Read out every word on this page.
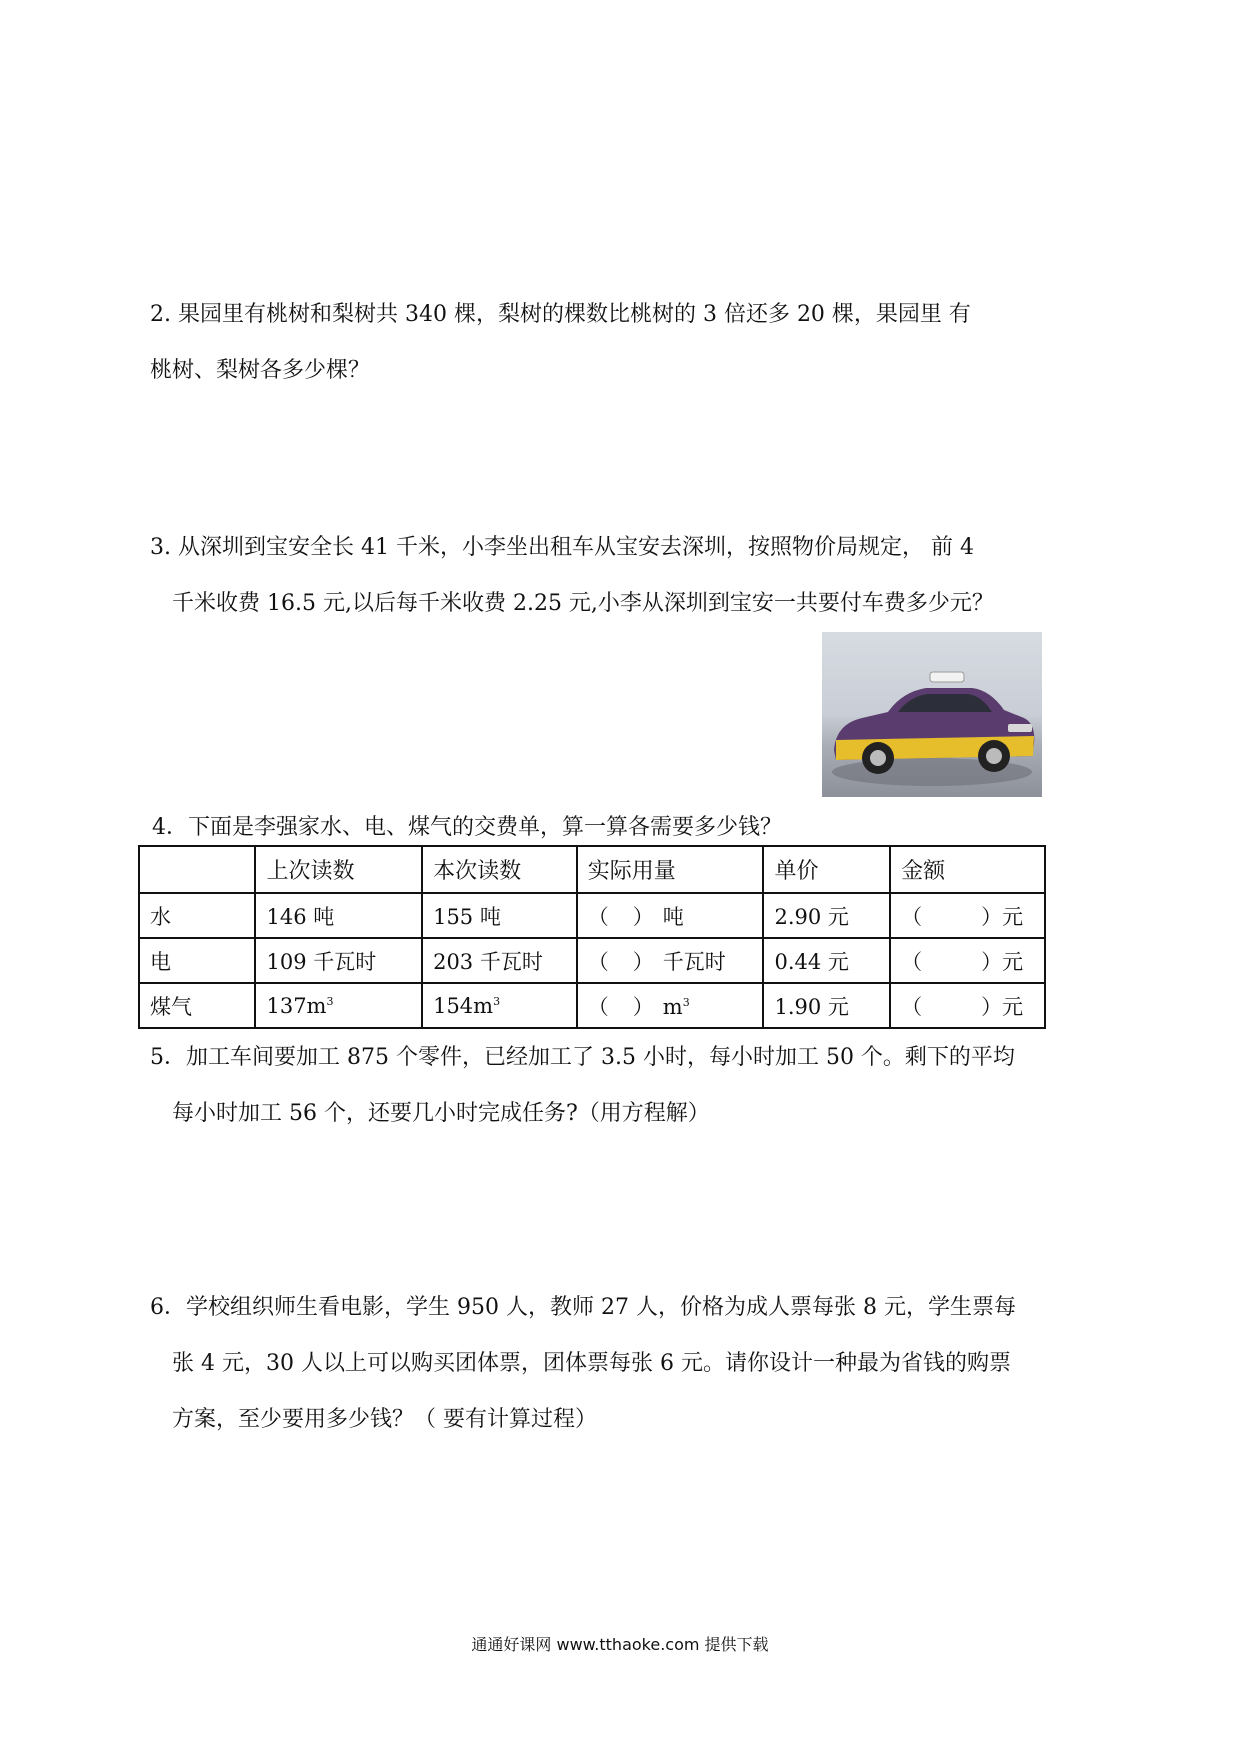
2. 果园里有桃树和梨树共 340 棵，梨树的棵数比桃树的 3 倍还多 20 棵，果园里 有
桃树、梨树各多少棵？
3. 从深圳到宝安全长 41 千米，小李坐出租车从宝安去深圳，按照物价局规定， 前 4
千米收费 16.5 元,以后每千米收费 2.25 元,小李从深圳到宝安一共要付车费多少元？
4．下面是李强家水、电、煤气的交费单，算一算各需要多少钱？
	上次读数	本次读数	实际用量	单价	金额
水	146 吨	155 吨	（ ） 吨	2.90 元	（ ）元
电	109 千瓦时	203 千瓦时	（ ） 千瓦时	0.44 元	（ ）元
煤气	$137m^3$	$154m^3$	（ ） $m^3$	1.90 元	（ ）元
5．加工车间要加工 875 个零件，已经加工了 3.5 小时，每小时加工 50 个。剩下的平均
每小时加工 56 个，还要几小时完成任务?（用方程解）
6．学校组织师生看电影，学生 950 人，教师 27 人，价格为成人票每张 8 元，学生票每
张 4 元，30 人以上可以购买团体票，团体票每张 6 元。请你设计一种最为省钱的购票
方案，至少要用多少钱？（ 要有计算过程）
通通好课网 www.tthaoke.com 提供下载
